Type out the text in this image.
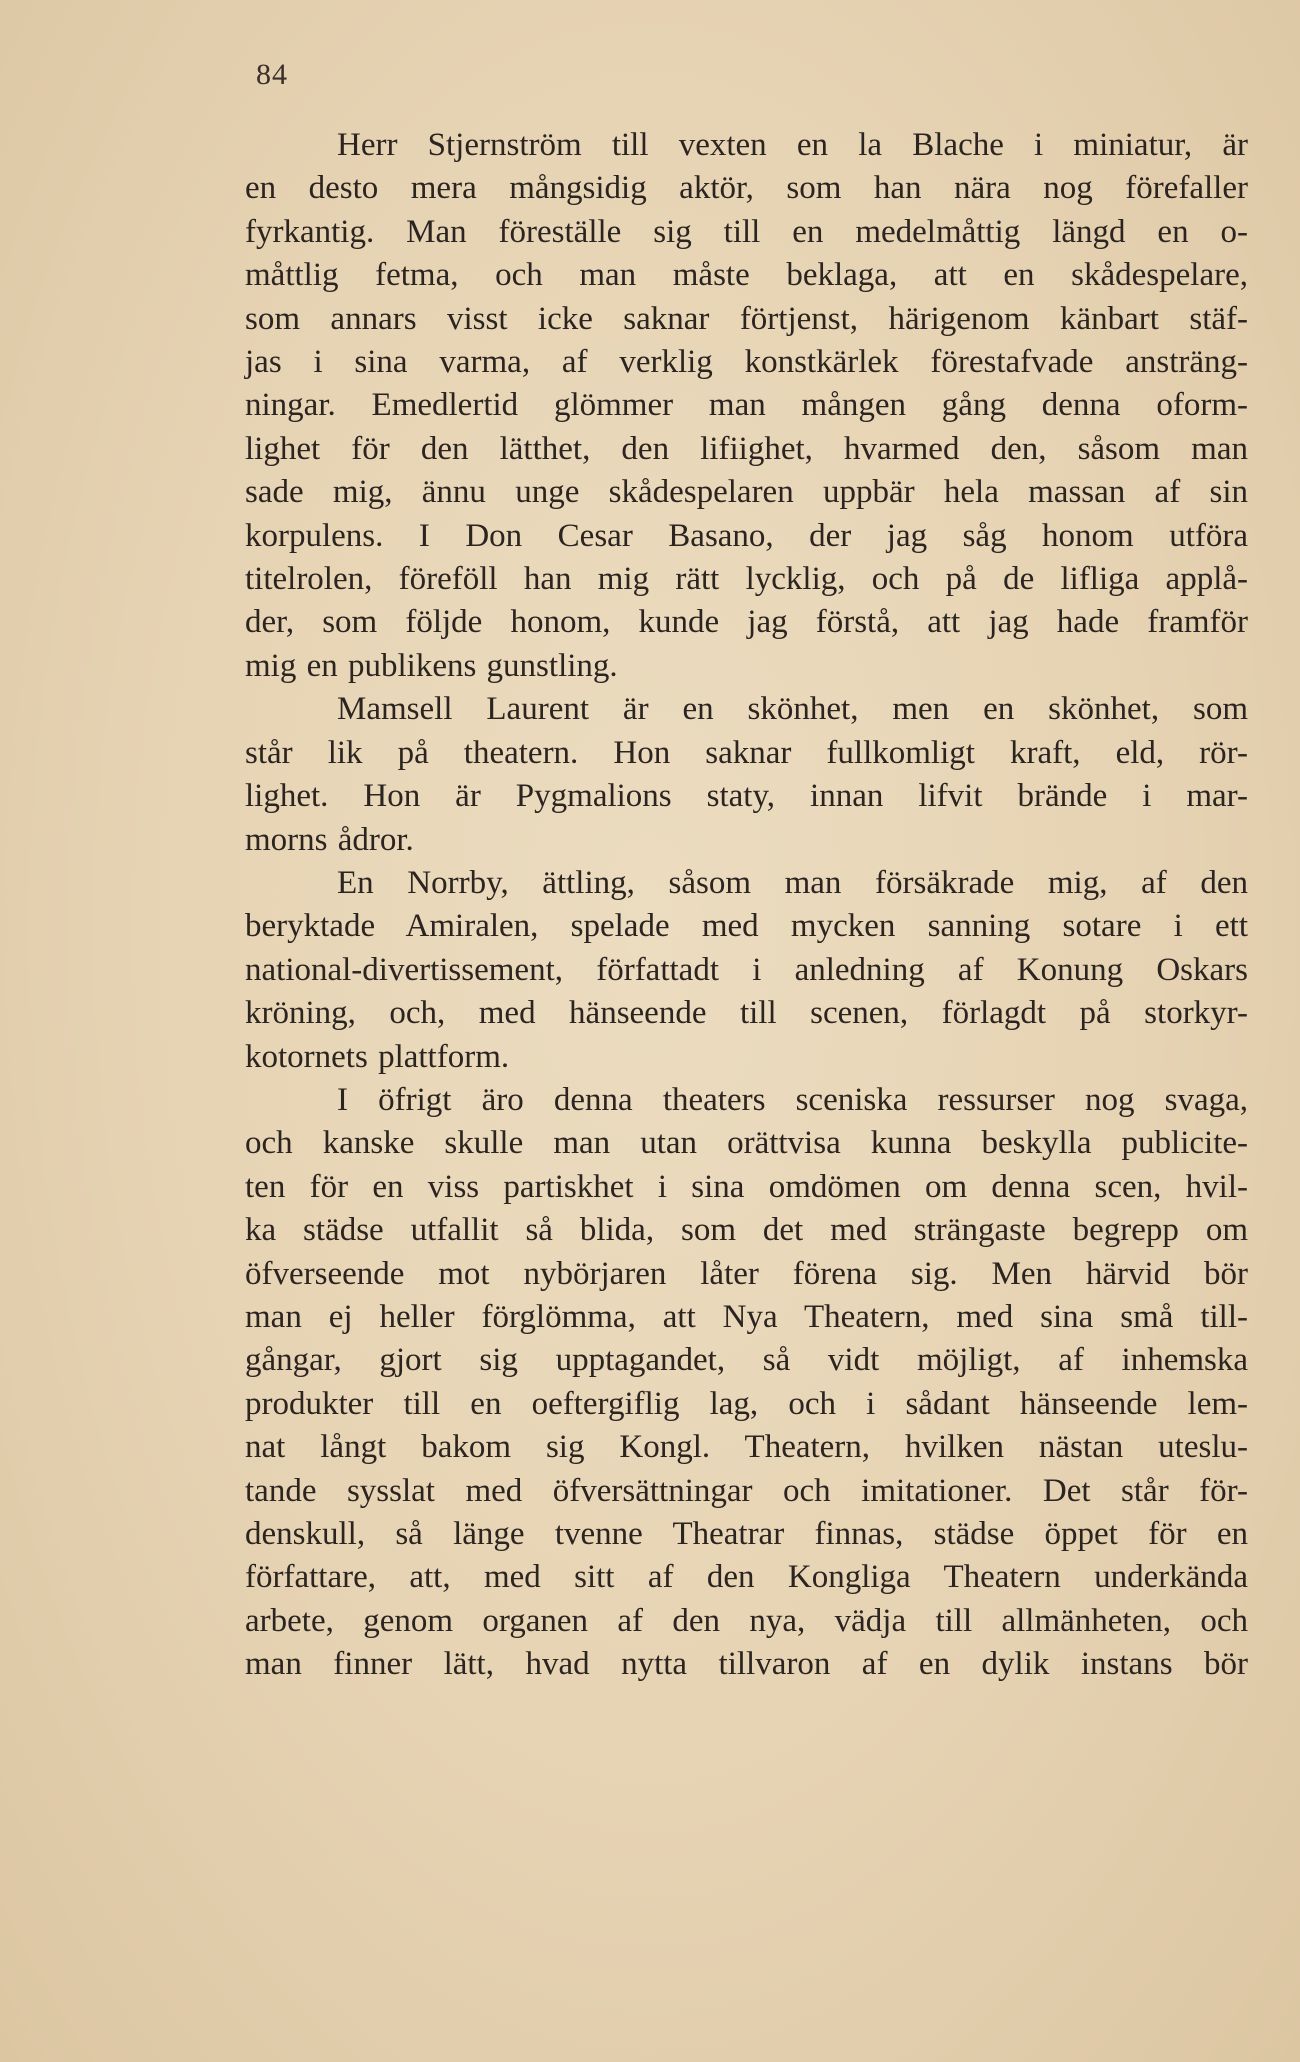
84
Herr Stjernström till vexten en la Blache i miniatur, är
en desto mera mångsidig aktör, som han nära nog förefaller
fyrkantig. Man föreställe sig till en medelmåttig längd en o-
måttlig fetma, och man måste beklaga, att en skådespelare,
som annars visst icke saknar förtjenst, härigenom känbart stäf-
jas i sina varma, af verklig konstkärlek förestafvade ansträng-
ningar. Emedlertid glömmer man mången gång denna oform-
lighet för den lätthet, den lifiighet, hvarmed den, såsom man
sade mig, ännu unge skådespelaren uppbär hela massan af sin
korpulens. I Don Cesar Basano, der jag såg honom utföra
titelrolen, föreföll han mig rätt lycklig, och på de lifliga applå-
der, som följde honom, kunde jag förstå, att jag hade framför
mig en publikens gunstling.
Mamsell Laurent är en skönhet, men en skönhet, som
står lik på theatern. Hon saknar fullkomligt kraft, eld, rör-
lighet. Hon är Pygmalions staty, innan lifvit brände i mar-
morns ådror.
En Norrby, ättling, såsom man försäkrade mig, af den
beryktade Amiralen, spelade med mycken sanning sotare i ett
national-divertissement, författadt i anledning af Konung Oskars
kröning, och, med hänseende till scenen, förlagdt på storkyr-
kotornets plattform.
I öfrigt äro denna theaters sceniska ressurser nog svaga,
och kanske skulle man utan orättvisa kunna beskylla publicite-
ten för en viss partiskhet i sina omdömen om denna scen, hvil-
ka städse utfallit så blida, som det med strängaste begrepp om
öfverseende mot nybörjaren låter förena sig. Men härvid bör
man ej heller förglömma, att Nya Theatern, med sina små till-
gångar, gjort sig upptagandet, så vidt möjligt, af inhemska
produkter till en oeftergiflig lag, och i sådant hänseende lem-
nat långt bakom sig Kongl. Theatern, hvilken nästan uteslu-
tande sysslat med öfversättningar och imitationer. Det står för-
denskull, så länge tvenne Theatrar finnas, städse öppet för en
författare, att, med sitt af den Kongliga Theatern underkända
arbete, genom organen af den nya, vädja till allmänheten, och
man finner lätt, hvad nytta tillvaron af en dylik instans bör
